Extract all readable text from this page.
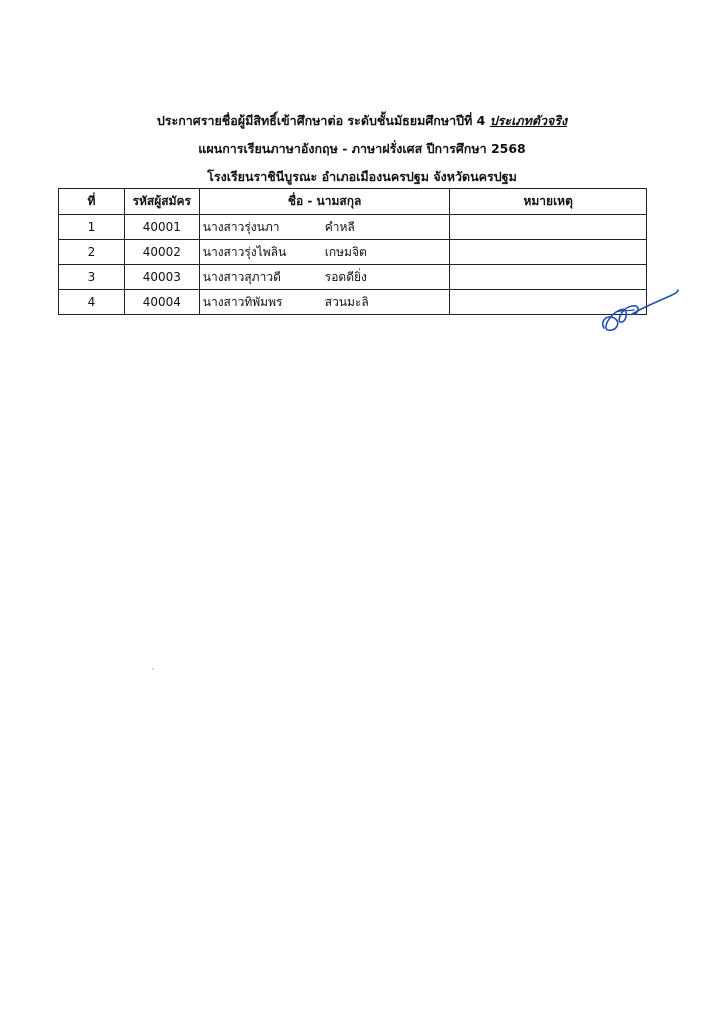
ประกาศรายชื่อผู้มีสิทธิ์เข้าศึกษาต่อ ระดับชั้นมัธยมศึกษาปีที่ 4 ประเภทตัวจริง
แผนการเรียนภาษาอังกฤษ - ภาษาฝรั่งเศส ปีการศึกษา 2568
โรงเรียนราชินีบูรณะ อำเภอเมืองนครปฐม จังหวัดนครปฐม
ที่	รหัสผู้สมัคร	ชื่อ - นามสกุล	หมายเหตุ
1	40001	นางสาวรุ่งนภา คำหลี	
2	40002	นางสาวรุ่งไพลิน เกษมจิต	
3	40003	นางสาวสุภาวดี รอดดียิ่ง	
4	40004	นางสาวทิพัมพร สวนมะลิ	
